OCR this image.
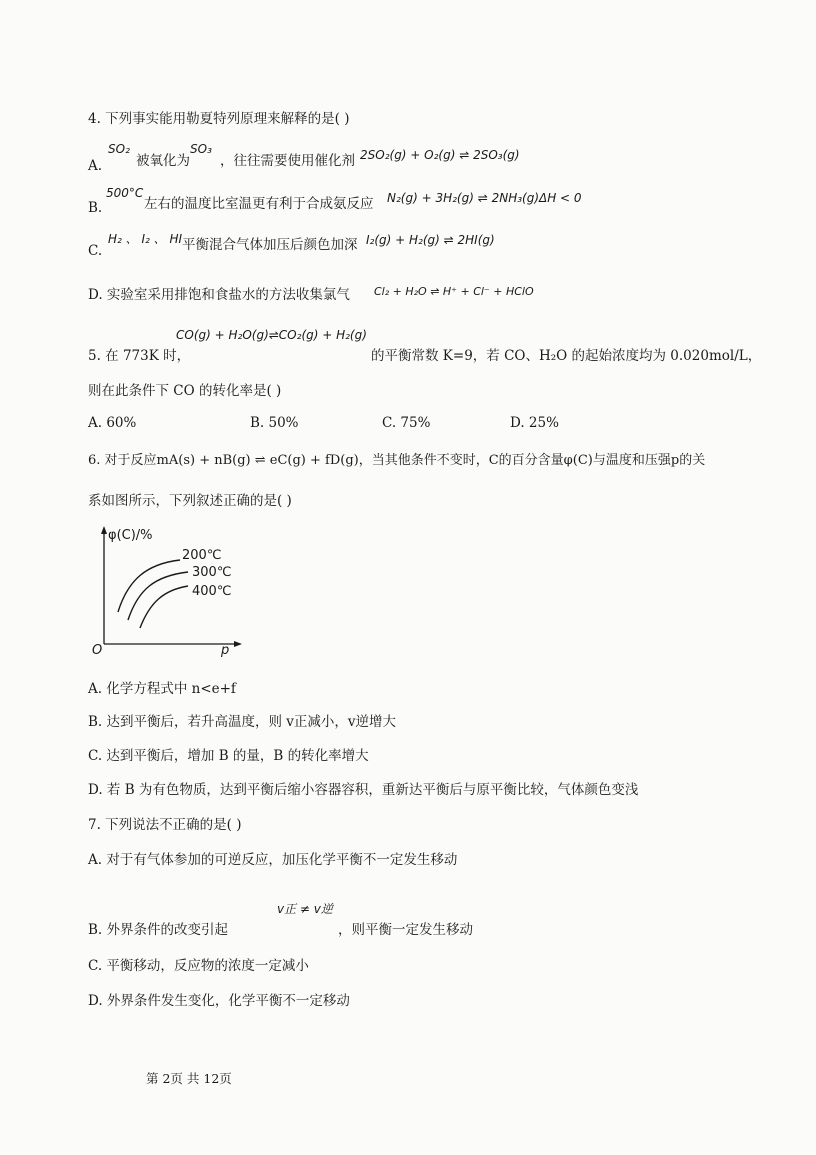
4. 下列事实能用勒夏特列原理来解释的是( )
A.
SO₂
被氧化为
SO₃
，往往需要使用催化剂 2SO₂(g) + O₂(g) ⇌ 2SO₃(g)
B.
500°C
左右的温度比室温更有利于合成氨反应 N₂(g) + 3H₂(g) ⇌ 2NH₃(g)ΔH < 0
C.
H₂ 、 I₂ 、 HI 平衡混合气体加压后颜色加深 I₂(g) + H₂(g) ⇌ 2HI(g)
D. 实验室采用排饱和食盐水的方法收集氯气 Cl₂ + H₂O ⇌ H⁺ + Cl⁻ + HClO
CO(g) + H₂O(g)⇌CO₂(g) + H₂(g)
5. 在 773K 时，	的平衡常数 K=9，若 CO、H₂O 的起始浓度均为 0.020mol/L，
则在此条件下 CO 的转化率是( )
A. 60%	B. 50%	C. 75%	D. 25%
6. 对于反应mA(s) + nB(g) ⇌ eC(g) + fD(g)，当其他条件不变时，C的百分含量φ(C)与温度和压强p的关
系如图所示，下列叙述正确的是( )
φ(C)/%
O	p
200℃
300℃
400℃
A. 化学方程式中 n<e+f
B. 达到平衡后，若升高温度，则 v正减小，v逆增大
C. 达到平衡后，增加 B 的量，B 的转化率增大
D. 若 B 为有色物质，达到平衡后缩小容器容积，重新达平衡后与原平衡比较，气体颜色变浅
7. 下列说法不正确的是( )
A. 对于有气体参加的可逆反应，加压化学平衡不一定发生移动
v正 ≠ v逆
B. 外界条件的改变引起	，则平衡一定发生移动
C. 平衡移动，反应物的浓度一定减小
D. 外界条件发生变化，化学平衡不一定移动
第 2页 共 12页
